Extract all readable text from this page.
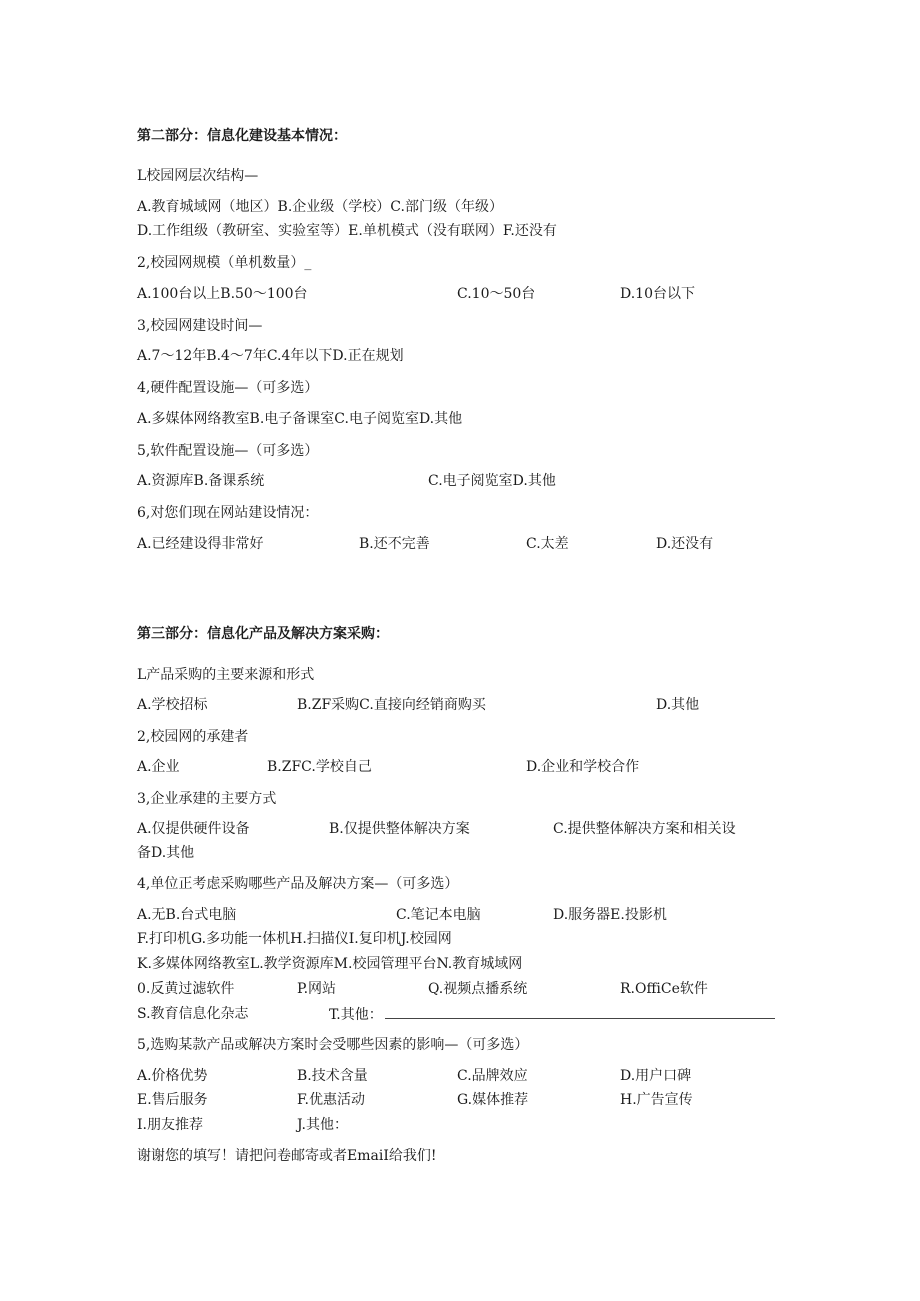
第二部分：信息化建设基本情况：
L校园网层次结构—
A.教育城域网（地区）B.企业级（学校）C.部门级（年级）
D.工作组级（教研室、实验室等）E.单机模式（没有联网）F.还没有
2,校园网规模（单机数量）_
A.100台以上B.50～100台	C.10～50台	D.10台以下
3,校园网建设时间—
A.7～12年B.4～7年C.4年以下D.正在规划
4,硬件配置设施—（可多选）
A.多媒体网络教室B.电子备课室C.电子阅览室D.其他
5,软件配置设施—（可多选）
A.资源库B.备课系统	C.电子阅览室D.其他
6,对您们现在网站建设情况：
A.已经建设得非常好	B.还不完善	C.太差	D.还没有
第三部分：信息化产品及解决方案采购：
L产品采购的主要来源和形式
A.学校招标	B.ZF采购C.直接向经销商购买	D.其他
2,校园网的承建者
A.企业	B.ZFC.学校自己	D.企业和学校合作
3,企业承建的主要方式
A.仅提供硬件设备	B.仅提供整体解决方案	C.提供整体解决方案和相关设
备D.其他
4,单位正考虑采购哪些产品及解决方案—（可多选）
A.无B.台式电脑	C.笔记本电脑	D.服务器E.投影机
F.打印机G.多功能一体机H.扫描仪I.复印机J.校园网
K.多媒体网络教室L.教学资源库M.校园管理平台N.教育城域网
0.反黄过滤软件	P.网站	Q.视频点播系统	R.OffiCe软件
S.教育信息化杂志	T.其他：
5,选购某款产品或解决方案时会受哪些因素的影响—（可多选）
A.价格优势	B.技术含量	C.品牌效应	D.用户口碑
E.售后服务	F.优惠活动	G.媒体推荐	H.广告宣传
I.朋友推荐	J.其他：
谢谢您的填写！请把问卷邮寄或者EmaiI给我们!
